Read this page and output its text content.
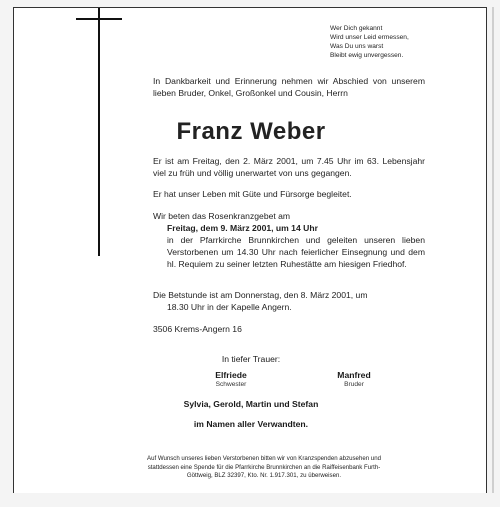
Wer Dich gekannt
Wird unser Leid ermessen,
Was Du uns warst
Bleibt ewig unvergessen.
In Dankbarkeit und Erinnerung nehmen wir Abschied von unserem lieben Bruder, Onkel, Großonkel und Cousin, Herrn
Franz Weber
Er ist am Freitag, den 2. März 2001, um 7.45 Uhr im 63. Lebensjahr viel zu früh und völlig unerwartet von uns gegangen.
Er hat unser Leben mit Güte und Fürsorge begleitet.
Wir beten das Rosenkranzgebet am
Freitag, dem 9. März 2001, um 14 Uhr
in der Pfarrkirche Brunnkirchen und geleiten unseren lieben Verstorbenen um 14.30 Uhr nach feierlicher Einsegnung und dem hl. Requiem zu seiner letzten Ruhestätte am hiesigen Friedhof.
Die Betstunde ist am Donnerstag, den 8. März 2001, um
18.30 Uhr in der Kapelle Angern.
3506 Krems-Angern 16
In tiefer Trauer:
Elfriede
Schwester
Manfred
Bruder
Sylvia, Gerold, Martin und Stefan
im Namen aller Verwandten.
Auf Wunsch unseres lieben Verstorbenen bitten wir von Kranzspenden abzusehen und stattdessen eine Spende für die Pfarrkirche Brunnkirchen an die Raiffeisenbank Furth-Göttweig, BLZ 32397, Kto. Nr. 1.917.301, zu überweisen.
